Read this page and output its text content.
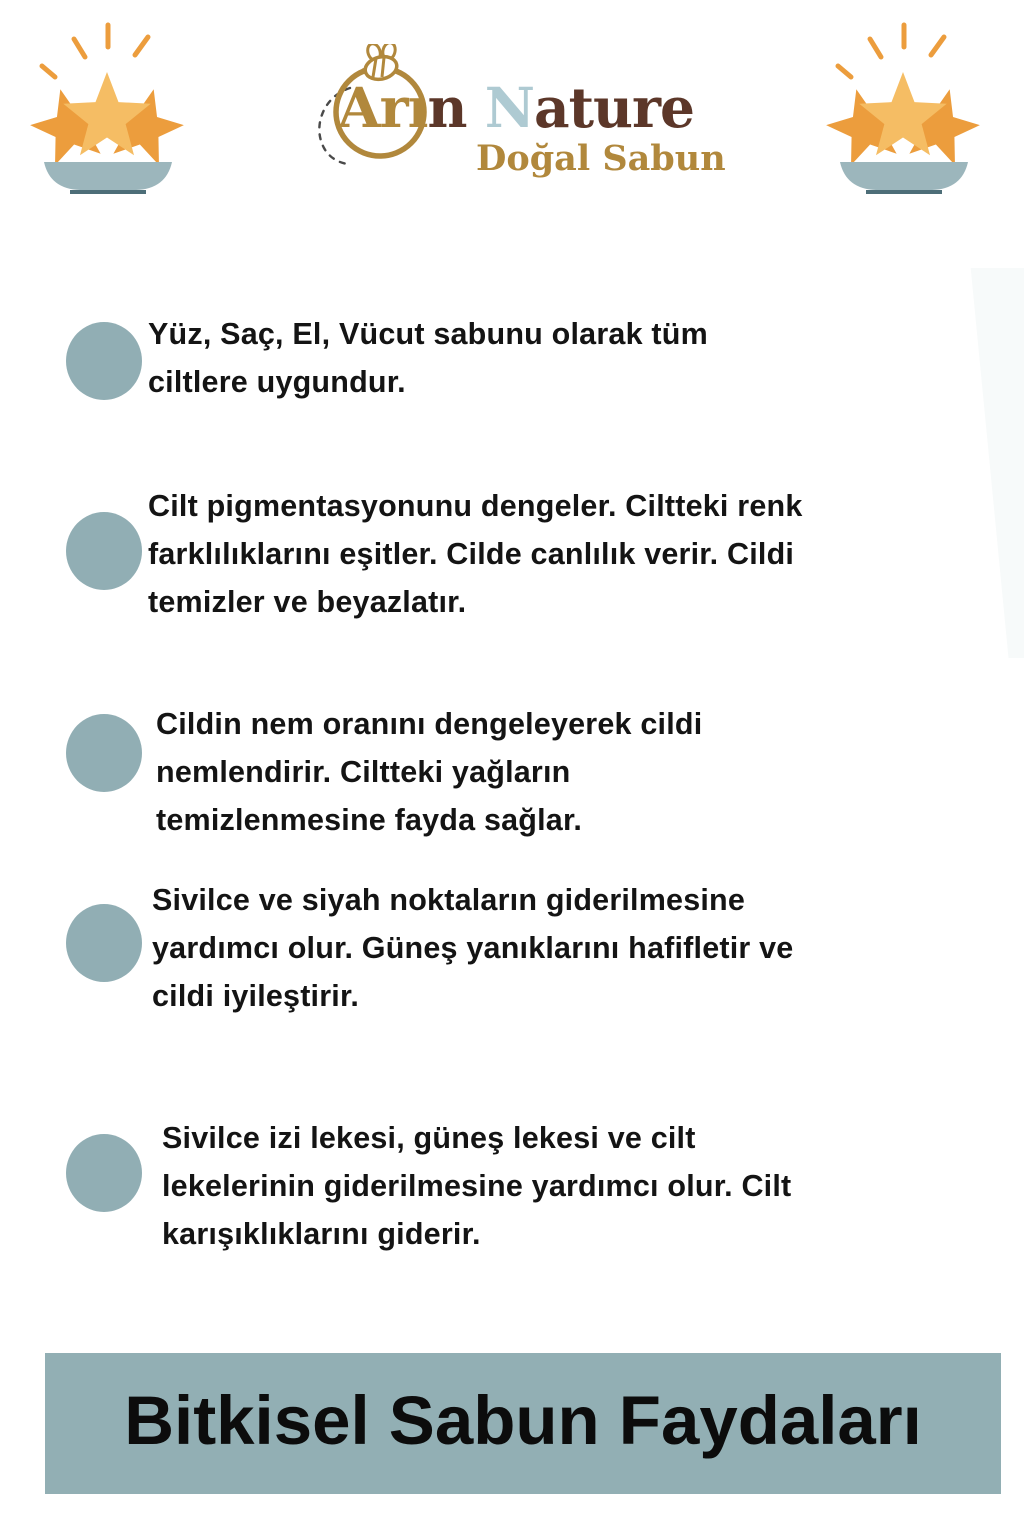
Arın Nature
Doğal Sabun
Yüz, Saç, El, Vücut sabunu olarak tüm
ciltlere uygundur.
Cilt pigmentasyonunu dengeler. Ciltteki renk
farklılıklarını eşitler. Cilde canlılık verir. Cildi
temizler ve beyazlatır.
Cildin nem oranını dengeleyerek cildi
nemlendirir. Ciltteki yağların
temizlenmesine fayda sağlar.
Sivilce ve siyah noktaların giderilmesine
yardımcı olur. Güneş yanıklarını hafifletir ve
cildi iyileştirir.
Sivilce izi lekesi, güneş lekesi ve cilt
lekelerinin giderilmesine yardımcı olur. Cilt
karışıklıklarını giderir.
Bitkisel Sabun Faydaları
